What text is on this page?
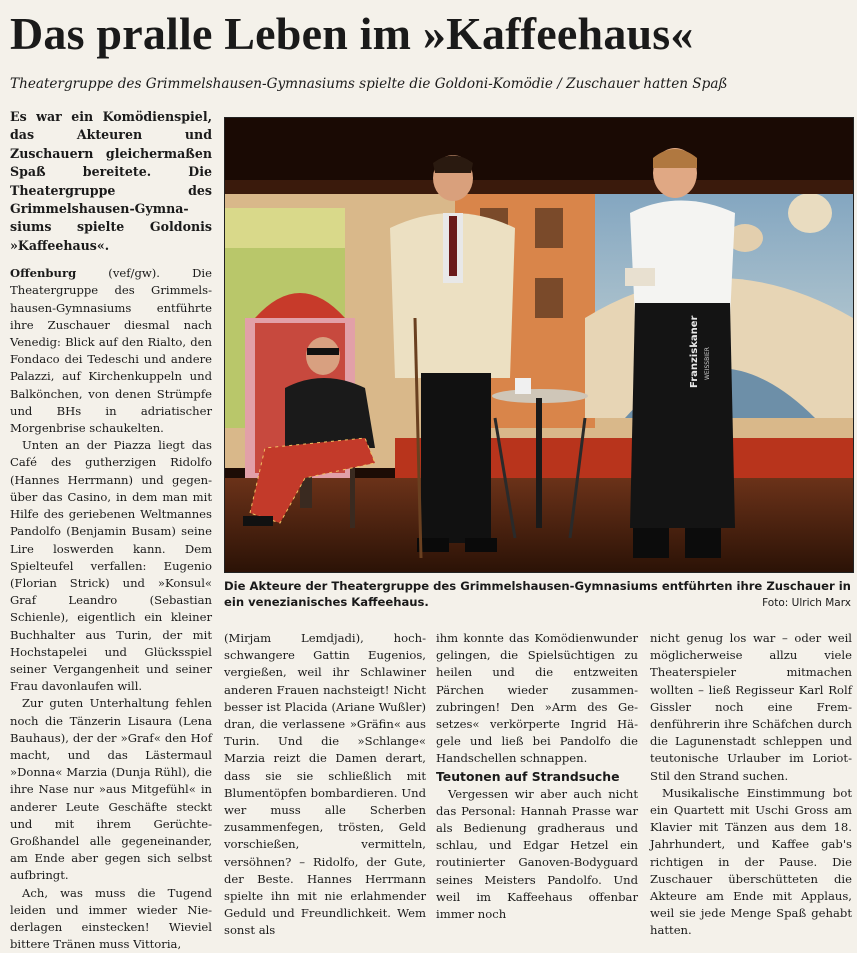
Das pralle Leben im »Kaffeehaus«
Theatergruppe des Grimmelshausen-Gymnasiums spielte die Goldoni-Komödie / Zuschauer hatten Spaß

Es war ein Komödienspiel, das Akteuren und Zuschauern gleichermaßen Spaß bereitete. Die Theatergruppe des Grimmelshausen-Gymnasiums spielte Goldonis »Kaffeehaus«.

Offenburg (vef/gw). Die Theatergruppe des Grimmelshausen-Gymnasiums entführte ihre Zuschauer diesmal nach Venedig: Blick auf den Rialto, den Fondaco dei Tedeschi und andere Palazzi, auf Kirchenkuppeln und Balkönchen, von denen Strümpfe und BHs in adriatischer Morgenbrise schaukelten.

Unten an der Piazza liegt das Café des gutherzigen Ridolfo (Hannes Herrmann) und gegenüber das Casino, in dem man mit Hilfe des geriebenen Weltmannes Pandolfo (Benjamin Busam) seine Lire loswerden kann. Dem Spielteufel verfallen: Eugenio (Florian Strick) und »Konsul« Graf Leandro (Sebastian Schienle), eigentlich ein kleiner Buchhalter aus Turin, der mit Hochstapelei und Glücksspiel seiner Vergangenheit und seiner Frau davonlaufen will.

Zur guten Unterhaltung fehlen noch die Tänzerin Lisaura (Lena Bauhaus), der der »Graf« den Hof macht, und das Lästermaul »Donna« Marzia (Dunja Rühl), die ihre Nase nur »aus Mitgefühl« in anderer Leute Geschäfte steckt und mit ihrem Gerüchte-Großhandel alle gegeneinander, am Ende aber gegen sich selbst aufbringt.

Ach, was muss die Tugend leiden und immer wieder Niederlagen einstecken! Wieviel bittere Tränen muss Vittoria,

Franziskaner WEISSBIER
Die Akteure der Theatergruppe des Grimmelshausen-Gymnasiums entführten ihre Zuschauer in ein venezianisches Kaffeehaus.	Foto: Ulrich Marx

(Mirjam Lemdjadi), hochschwangere Gattin Eugenios, vergießen, weil ihr Schlawiner anderen Frauen nachsteigt! Nicht besser ist Placida (Ariane Wußler) dran, die verlassene »Gräfin« aus Turin. Und die »Schlange« Marzia reizt die Damen derart, dass sie sie schließlich mit Blumentöpfen bombardieren. Und wer muss alle Scherben zusammenfegen, trösten, Geld vorschießen, vermitteln, versöhnen? – Ridolfo, der Gute, der Beste. Hannes Herrmann spielte ihn mit nie erlahmender Geduld und Freundlichkeit. Wem sonst als

ihm konnte das Komödienwunder gelingen, die Spielsüchtigen zu heilen und die entzweiten Pärchen wieder zusammenzubringen! Den »Arm des Gesetzes« verkörperte Ingrid Hägele und ließ bei Pandolfo die Handschellen schnappen.

Teutonen auf Strandsuche

Vergessen wir aber auch nicht das Personal: Hannah Prasse war als Bedienung gradheraus und schlau, und Edgar Hetzel ein routinierter Ganoven-Bodyguard seines Meisters Pandolfo. Und weil im Kaffeehaus offenbar immer noch

nicht genug los war – oder weil möglicherweise allzu viele Theaterspieler mitmachen wollten – ließ Regisseur Karl Rolf Gissler noch eine Fremdenführerin ihre Schäfchen durch die Lagunenstadt schleppen und teutonische Urlauber im Loriot-Stil den Strand suchen.

Musikalische Einstimmung bot ein Quartett mit Uschi Gross am Klavier mit Tänzen aus dem 18. Jahrhundert, und Kaffee gab's richtigen in der Pause. Die Zuschauer überschütteten die Akteure am Ende mit Applaus, weil sie jede Menge Spaß gehabt hatten.
